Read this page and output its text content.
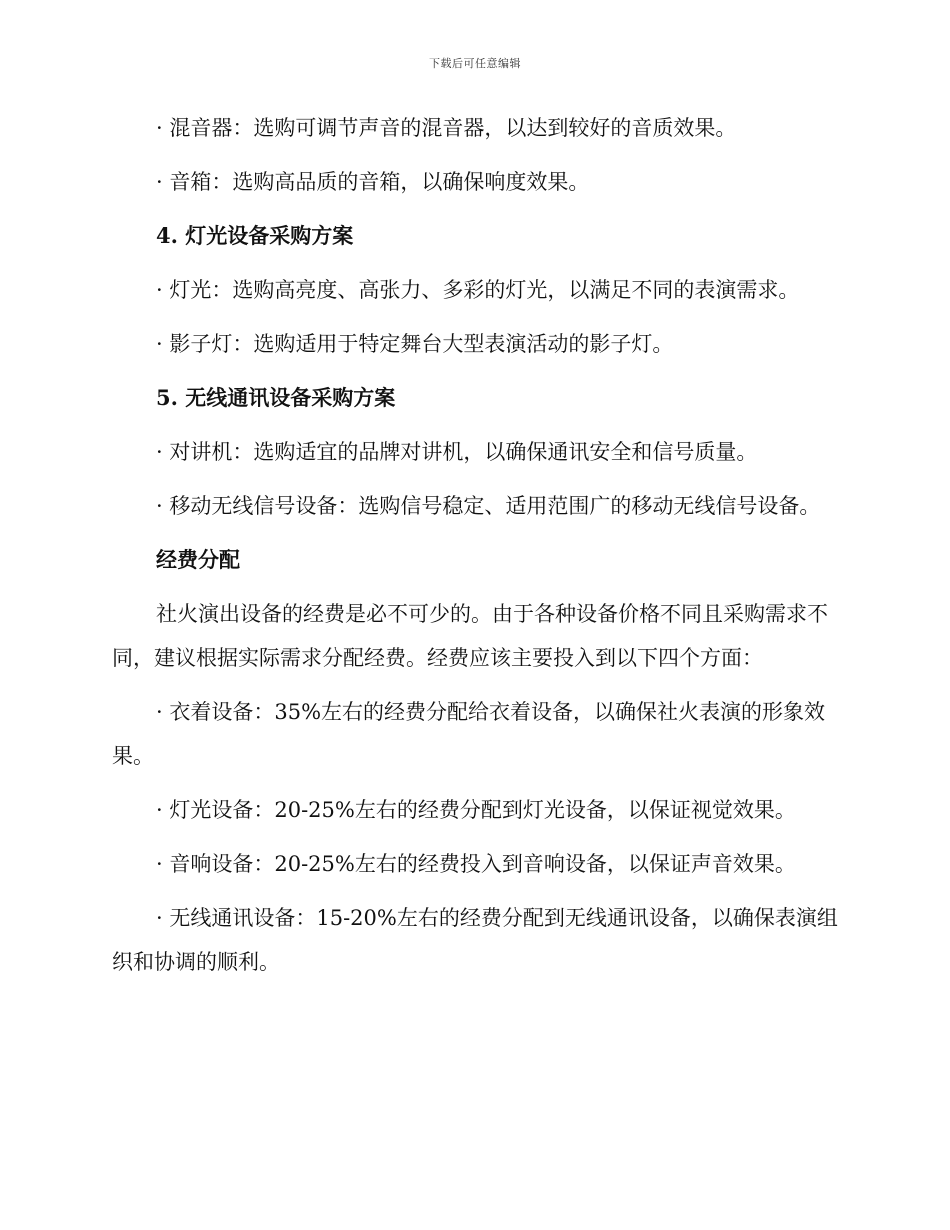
下载后可任意编辑

· 混音器：选购可调节声音的混音器，以达到较好的音质效果。

· 音箱：选购高品质的音箱，以确保响度效果。

4. 灯光设备采购方案

· 灯光：选购高亮度、高张力、多彩的灯光，以满足不同的表演需求。

· 影子灯：选购适用于特定舞台大型表演活动的影子灯。

5. 无线通讯设备采购方案

· 对讲机：选购适宜的品牌对讲机，以确保通讯安全和信号质量。

· 移动无线信号设备：选购信号稳定、适用范围广的移动无线信号设备。

经费分配

社火演出设备的经费是必不可少的。由于各种设备价格不同且采购需求不同，建议根据实际需求分配经费。经费应该主要投入到以下四个方面：

· 衣着设备：35%左右的经费分配给衣着设备，以确保社火表演的形象效果。

· 灯光设备：20-25%左右的经费分配到灯光设备，以保证视觉效果。

· 音响设备：20-25%左右的经费投入到音响设备，以保证声音效果。

· 无线通讯设备：15-20%左右的经费分配到无线通讯设备，以确保表演组织和协调的顺利。
